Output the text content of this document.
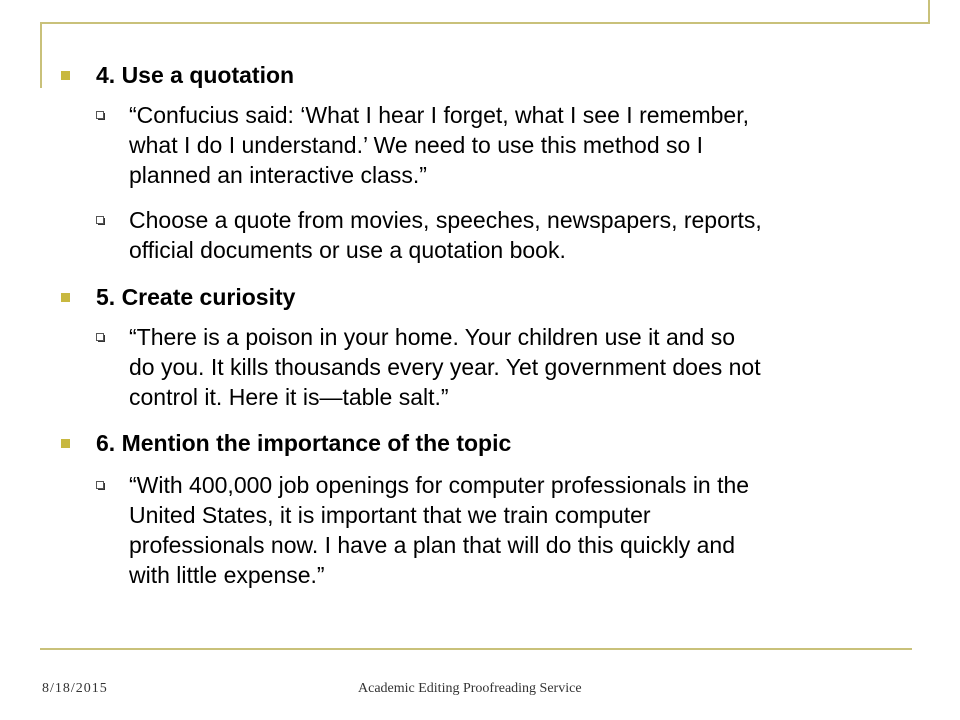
4. Use a quotation
“Confucius said: ‘What I hear I forget, what I see I remember,
what I do I understand.’ We need to use this method so I
planned an interactive class.”
Choose a quote from movies, speeches, newspapers, reports,
official documents or use a quotation book.
5. Create curiosity
“There is a poison in your home. Your children use it and so
do you. It kills thousands every year. Yet government does not
control it. Here it is—table salt.”
6. Mention the importance of the topic
“With 400,000 job openings for computer professionals in the
United States, it is important that we train computer
professionals now. I have a plan that will do this quickly and
with little expense.”
8/18/2015	Academic Editing Proofreading Service
